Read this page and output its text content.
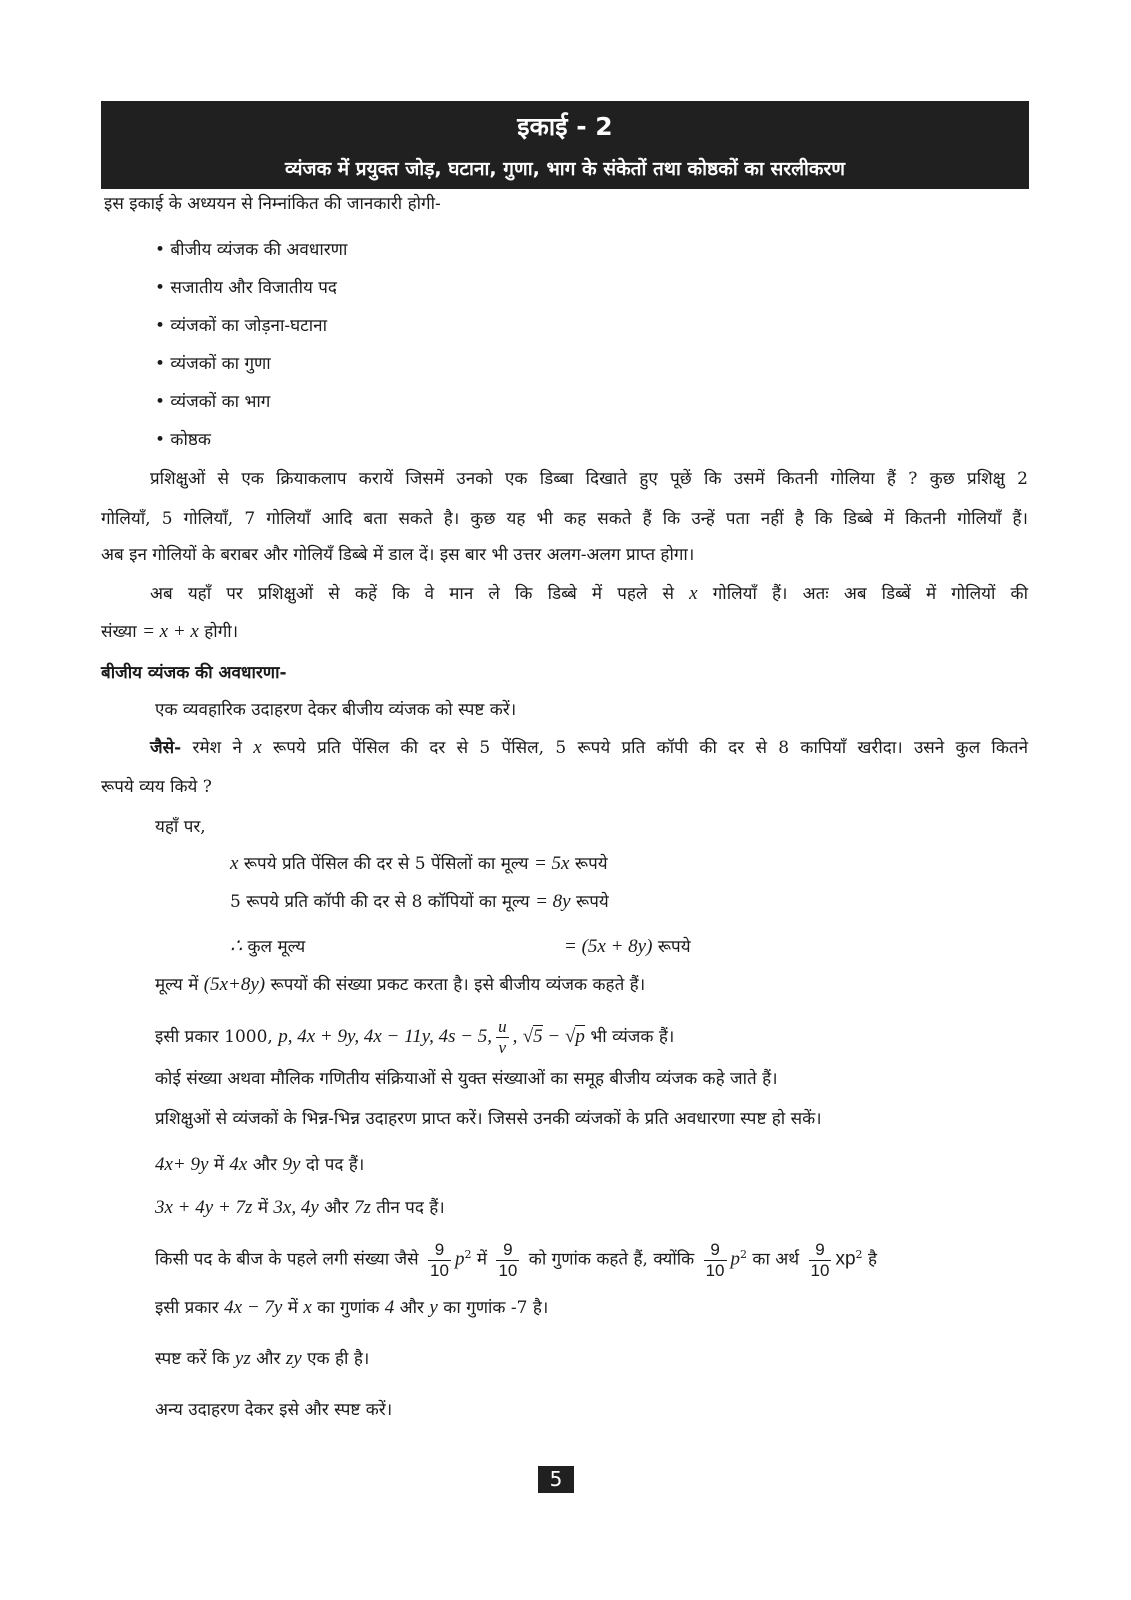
इकाई - 2
व्यंजक में प्रयुक्त जोड़, घटाना, गुणा, भाग के संकेतों तथा कोष्ठकों का सरलीकरण
इस इकाई के अध्ययन से निम्नांकित की जानकारी होगी-
• बीजीय व्यंजक की अवधारणा
• सजातीय और विजातीय पद
• व्यंजकों का जोड़ना-घटाना
• व्यंजकों का गुणा
• व्यंजकों का भाग
• कोष्ठक
प्रशिक्षुओं से एक क्रियाकलाप करायें जिसमें उनको एक डिब्बा दिखाते हुए पूछें कि उसमें कितनी गोलिया हैं ? कुछ प्रशिक्षु 2
गोलियाँ, 5 गोलियाँ, 7 गोलियाँ आदि बता सकते है। कुछ यह भी कह सकते हैं कि उन्हें पता नहीं है कि डिब्बे में कितनी गोलियाँ हैं।
अब इन गोलियों के बराबर और गोलियँ डिब्बे में डाल दें। इस बार भी उत्तर अलग-अलग प्राप्त होगा।
अब यहाँ पर प्रशिक्षुओं से कहें कि वे मान ले कि डिब्बे में पहले से x गोलियाँ हैं। अतः अब डिब्बें में गोलियों की
संख्या = x + x होगी।
बीजीय व्यंजक की अवधारणा-
एक व्यवहारिक उदाहरण देकर बीजीय व्यंजक को स्पष्ट करें।
जैसे- रमेश ने x रूपये प्रति पेंसिल की दर से 5 पेंसिल, 5 रूपये प्रति कॉपी की दर से 8 कापियाँ खरीदा। उसने कुल कितने
रूपये व्यय किये ?
यहाँ पर,
x रूपये प्रति पेंसिल की दर से 5 पेंसिलों का मूल्य = 5x रूपये
5 रूपये प्रति कॉपी की दर से 8 कॉपियों का मूल्य = 8y रूपये
∴ कुल मूल्य	= (5x + 8y) रूपये
मूल्य में (5x+8y) रूपयों की संख्या प्रकट करता है। इसे बीजीय व्यंजक कहते हैं।
इसी प्रकार 1000, p, 4x + 9y, 4x − 11y, 4s − 5, $\frac{u}{v}$ , √5 − √p भी व्यंजक हैं।
कोई संख्या अथवा मौलिक गणितीय संक्रियाओं से युक्त संख्याओं का समूह बीजीय व्यंजक कहे जाते हैं।
प्रशिक्षुओं से व्यंजकों के भिन्न-भिन्न उदाहरण प्राप्त करें। जिससे उनकी व्यंजकों के प्रति अवधारणा स्पष्ट हो सकें।
4x+ 9y में 4x और 9y दो पद हैं।
3x + 4y + 7z में 3x, 4y और 7z तीन पद हैं।
किसी पद के बीज के पहले लगी संख्या जैसे $\frac{9}{10} p^2$ में $\frac{9}{10}$ को गुणांक कहते हैं, क्योंकि $\frac{9}{10} p^2$ का अर्थ $\frac{9}{10} xp^2$ है
इसी प्रकार 4x − 7y में x का गुणांक 4 और y का गुणांक -7 है।
स्पष्ट करें कि yz और zy एक ही है।
अन्य उदाहरण देकर इसे और स्पष्ट करें।
5
